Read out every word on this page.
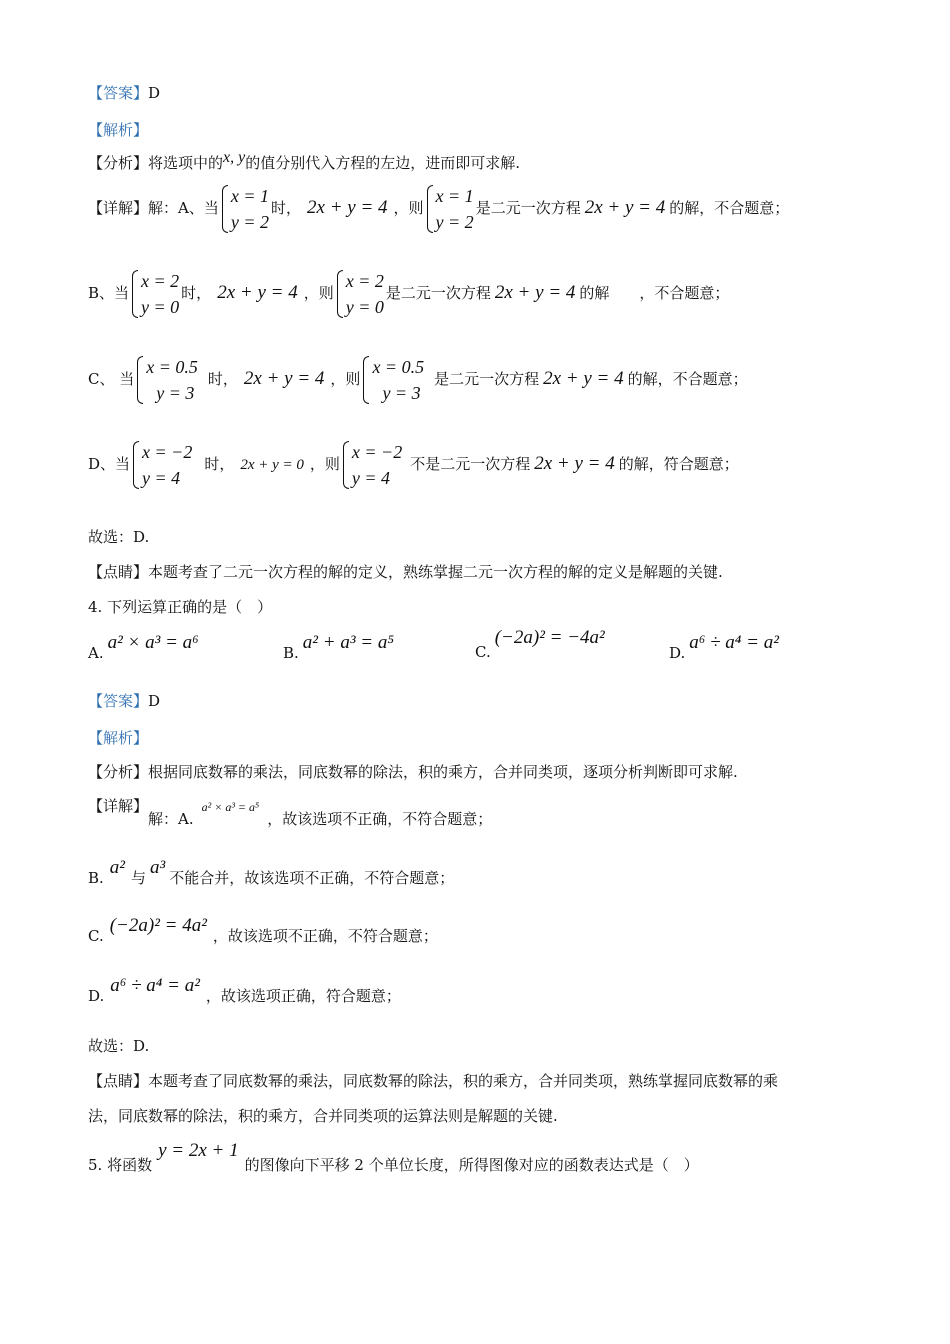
【答案】D
【解析】
【分析】将选项中的x, y的值分别代入方程的左边，进而即可求解.
【详解】解：A、当
x = 1
y = 2
时， 2x + y = 4 ，则
x = 1
y = 2
是二元一次方程 2x + y = 4 的解，不合题意；
B、当
x = 2
y = 0
时， 2x + y = 4 ，则
x = 2
y = 0
是二元一次方程 2x + y = 4 的解　　，不合题意；
C、 当
x = 0.5
y = 3
时， 2x + y = 4 ，则
x = 0.5
y = 3
是二元一次方程 2x + y = 4 的解，不合题意；
D、当
x = −2
y = 4
时， 2x + y = 0 ，则
x = −2
y = 4
不是二元一次方程 2x + y = 4 的解，符合题意；
故选：D.
【点睛】本题考查了二元一次方程的解的定义，熟练掌握二元一次方程的解的定义是解题的关键.
4. 下列运算正确的是（　）
A. a² × a³ = a⁶	B. a² + a³ = a⁵	C.(−2a)² = −4a²
D. a⁶ ÷ a⁴ = a²
【答案】D
【解析】
【分析】根据同底数幂的乘法，同底数幂的除法，积的乘方，合并同类项，逐项分析判断即可求解.
【详解】解：A.a² × a³ = a⁵，故该选项不正确，不符合题意；
B. a² 与 a³ 不能合并，故该选项不正确，不符合题意；
C. (−2a)² = 4a² ，故该选项不正确，不符合题意；
D. a⁶ ÷ a⁴ = a² ，故该选项正确，符合题意；
故选：D.
【点睛】本题考查了同底数幂的乘法，同底数幂的除法，积的乘方，合并同类项，熟练掌握同底数幂的乘
法，同底数幂的除法，积的乘方，合并同类项的运算法则是解题的关键.
5. 将函数y = 2x + 1的图像向下平移 2 个单位长度，所得图像对应的函数表达式是（　）
